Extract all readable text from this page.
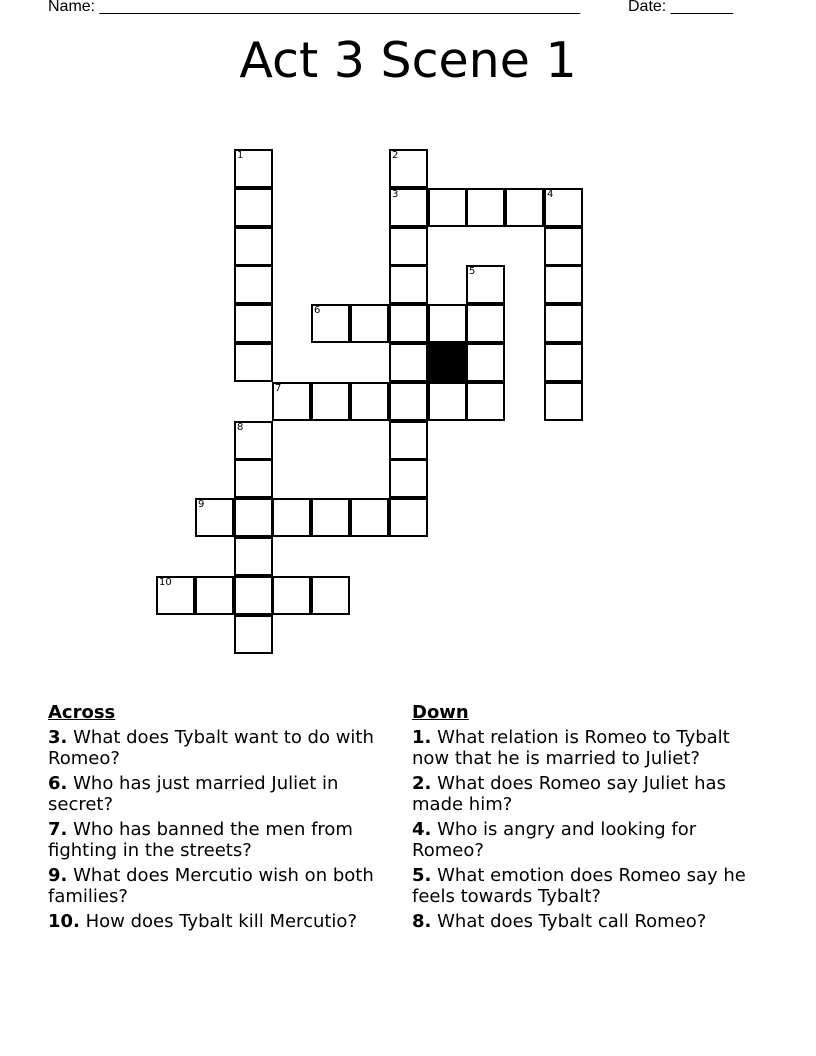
Name: ______________________________________________________	Date: _______
Act 3 Scene 1
1	2
3	4
5
6
7
8
9
10
Across
3. What does Tybalt want to do with Romeo?
6. Who has just married Juliet in secret?
7. Who has banned the men from fighting in the streets?
9. What does Mercutio wish on both families?
10. How does Tybalt kill Mercutio?
Down
1. What relation is Romeo to Tybalt now that he is married to Juliet?
2. What does Romeo say Juliet has made him?
4. Who is angry and looking for Romeo?
5. What emotion does Romeo say he feels towards Tybalt?
8. What does Tybalt call Romeo?
